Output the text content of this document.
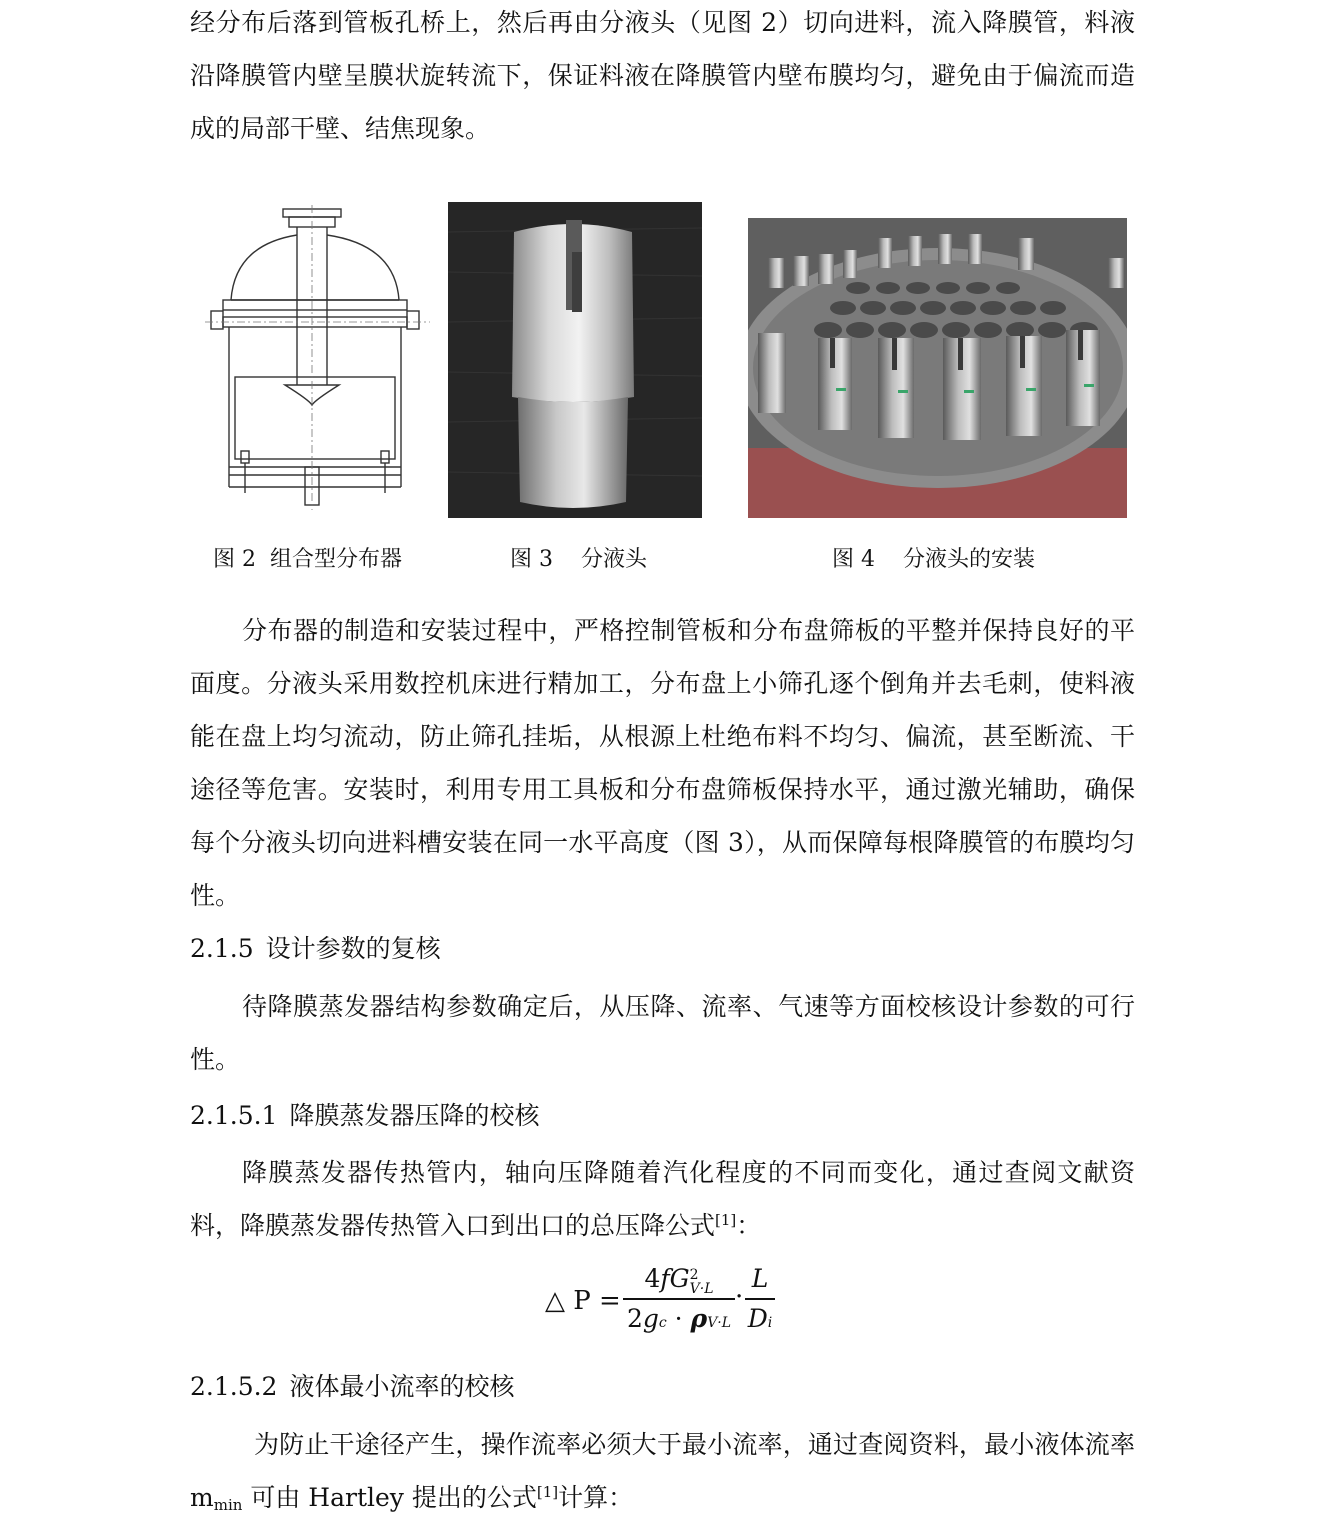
经分布后落到管板孔桥上，然后再由分液头（见图 2）切向进料，流入降膜管，料液沿降膜管内壁呈膜状旋转流下，保证料液在降膜管内壁布膜均匀，避免由于偏流而造成的局部干壁、结焦现象。

图 2  组合型分布器	图 3    分液头	图 4    分液头的安装

分布器的制造和安装过程中，严格控制管板和分布盘筛板的平整并保持良好的平面度。分液头采用数控机床进行精加工，分布盘上小筛孔逐个倒角并去毛刺，使料液能在盘上均匀流动，防止筛孔挂垢，从根源上杜绝布料不均匀、偏流，甚至断流、干途径等危害。安装时，利用专用工具板和分布盘筛板保持水平，通过激光辅助，确保每个分液头切向进料槽安装在同一水平高度（图 3），从而保障每根降膜管的布膜均匀性。

2.1.5 设计参数的复核

待降膜蒸发器结构参数确定后，从压降、流率、气速等方面校核设计参数的可行性。

2.1.5.1 降膜蒸发器压降的校核

降膜蒸发器传热管内，轴向压降随着汽化程度的不同而变化，通过查阅文献资料，降膜蒸发器传热管入口到出口的总压降公式[1]：

△ P =
4fG 2
V·L
2gc · ρV·L
·
L
Di
2.1.5.2 液体最小流率的校核

为防止干途径产生，操作流率必须大于最小流率，通过查阅资料，最小液体流率 $m_{min}$ 可由 Hartley 提出的公式[1]计算：
